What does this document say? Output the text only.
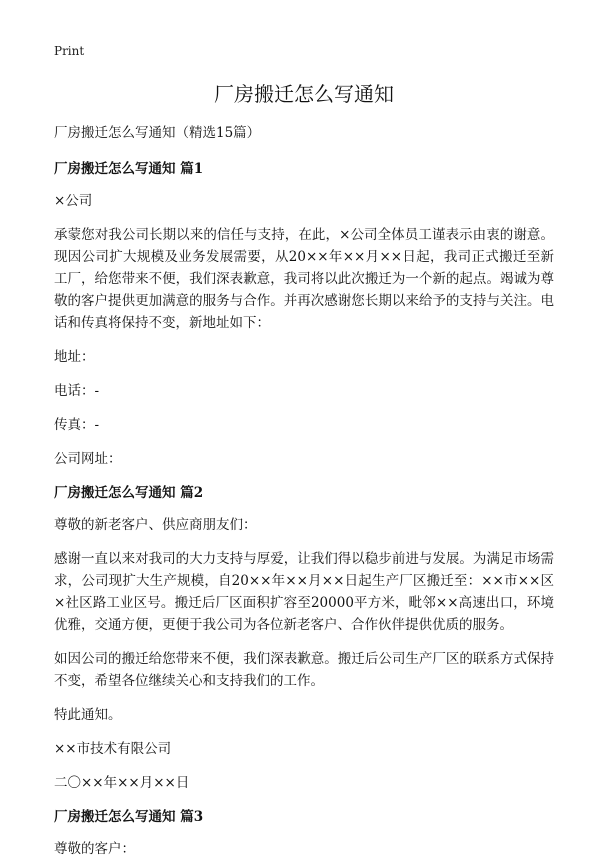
Print
厂房搬迁怎么写通知

厂房搬迁怎么写通知（精选15篇）

厂房搬迁怎么写通知 篇1

×公司

承蒙您对我公司长期以来的信任与支持，在此，×公司全体员工谨表示由衷的谢意。现因公司扩大规模及业务发展需要，从20××年××月××日起，我司正式搬迁至新工厂，给您带来不便，我们深表歉意，我司将以此次搬迁为一个新的起点。竭诚为尊敬的客户提供更加满意的服务与合作。并再次感谢您长期以来给予的支持与关注。电话和传真将保持不变，新地址如下：

地址：

电话：-

传真：-

公司网址：

厂房搬迁怎么写通知 篇2

尊敬的新老客户、供应商朋友们：

感谢一直以来对我司的大力支持与厚爱，让我们得以稳步前进与发展。为满足市场需求，公司现扩大生产规模，自20××年××月××日起生产厂区搬迁至：××市××区×社区路工业区号。搬迁后厂区面积扩容至20000平方米，毗邻××高速出口，环境优雅，交通方便，更便于我公司为各位新老客户、合作伙伴提供优质的服务。

如因公司的搬迁给您带来不便，我们深表歉意。搬迁后公司生产厂区的联系方式保持不变，希望各位继续关心和支持我们的工作。

特此通知。

××市技术有限公司

二〇××年××月××日

厂房搬迁怎么写通知 篇3

尊敬的客户：
